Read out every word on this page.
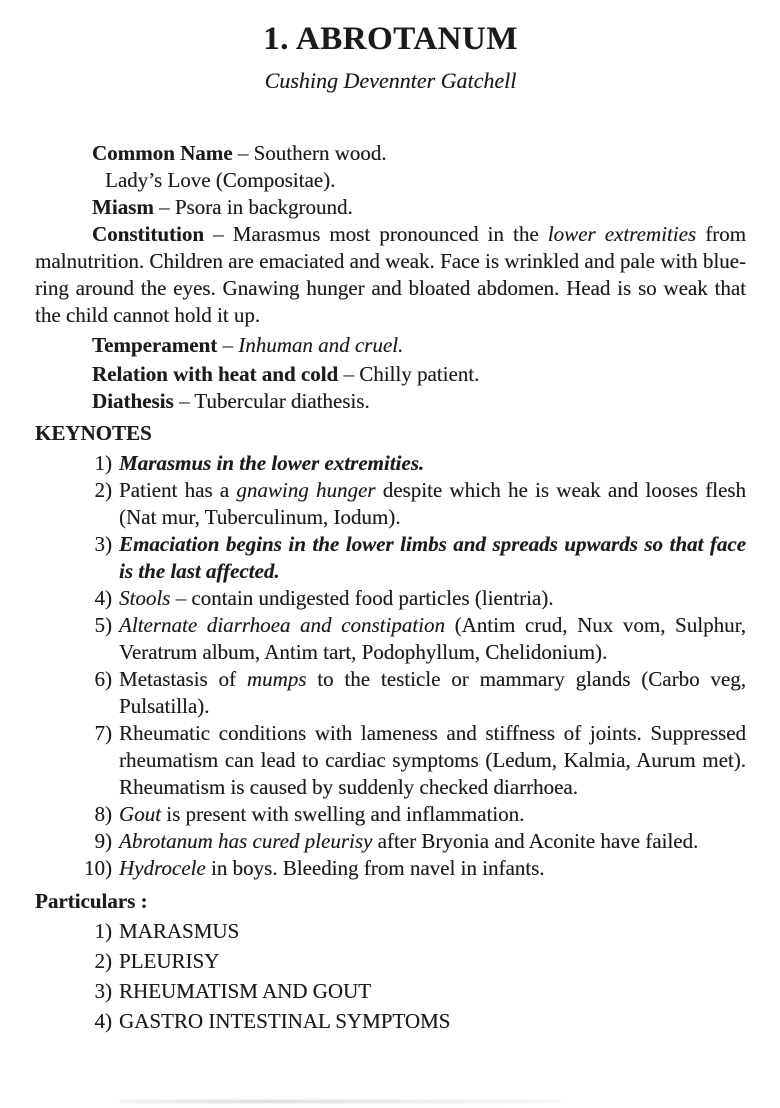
1. ABROTANUM
Cushing Devennter Gatchell

Common Name – Southern wood.

Lady’s Love (Compositae).

Miasm – Psora in background.

Constitution – Marasmus most pronounced in the lower extremities from malnutrition. Children are emaciated and weak. Face is wrinkled and pale with blue-ring around the eyes. Gnawing hunger and bloated abdomen. Head is so weak that the child cannot hold it up.

Temperament – Inhuman and cruel.

Relation with heat and cold – Chilly patient.

Diathesis – Tubercular diathesis.

KEYNOTES
1) Marasmus in the lower extremities.
2) Patient has a gnawing hunger despite which he is weak and looses flesh (Nat mur, Tuberculinum, Iodum).
3) Emaciation begins in the lower limbs and spreads upwards so that face is the last affected.
4) Stools – contain undigested food particles (lientria).
5) Alternate diarrhoea and constipation (Antim crud, Nux vom, Sulphur, Veratrum album, Antim tart, Podophyllum, Chelidonium).
6) Metastasis of mumps to the testicle or mammary glands (Carbo veg, Pulsatilla).
7) Rheumatic conditions with lameness and stiffness of joints. Suppressed rheumatism can lead to cardiac symptoms (Ledum, Kalmia, Aurum met). Rheumatism is caused by suddenly checked diarrhoea.
8) Gout is present with swelling and inflammation.
9) Abrotanum has cured pleurisy after Bryonia and Aconite have failed.
10) Hydrocele in boys. Bleeding from navel in infants.
Particulars :
1) MARASMUS
2) PLEURISY
3) RHEUMATISM AND GOUT
4) GASTRO INTESTINAL SYMPTOMS
